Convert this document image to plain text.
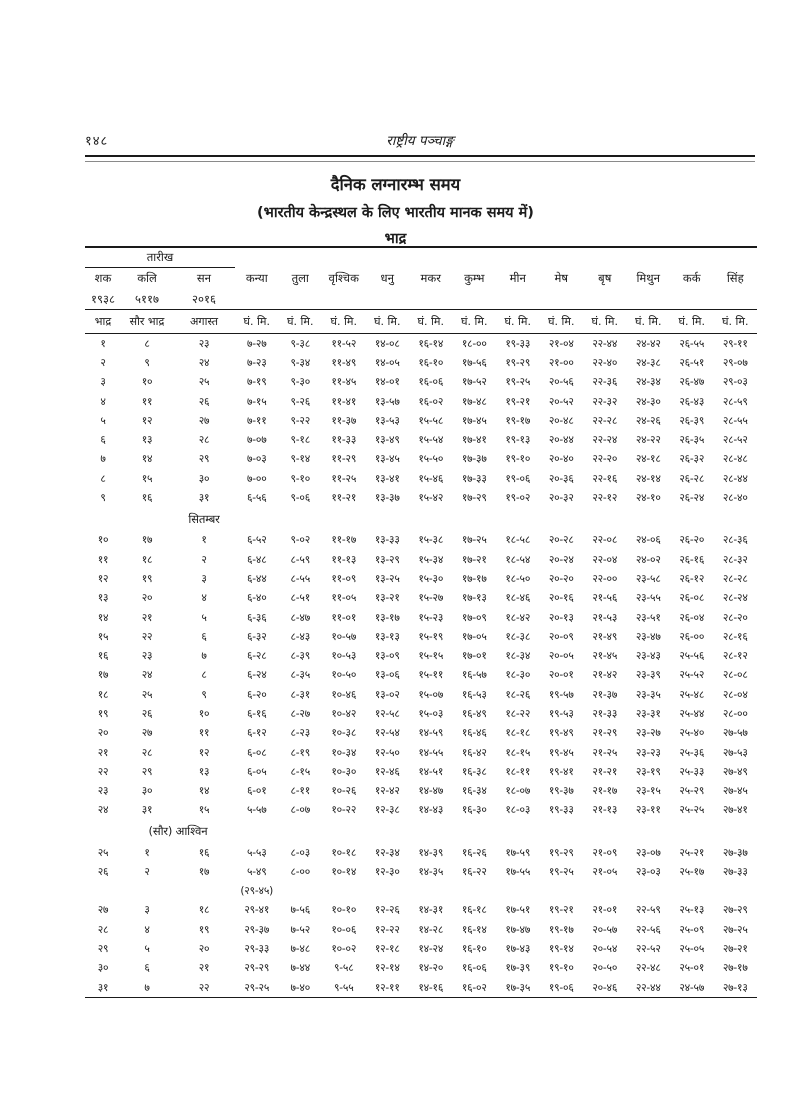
१४८	राष्ट्रीय पञ्चाङ्ग
दैनिक लग्नारम्भ समय
(भारतीय केन्द्रस्थल के लिए भारतीय मानक समय में)
भाद्र
तारीख														
शक	कलि	सन	कन्या	तुला	वृश्चिक	धनु	मकर	कुम्भ	मीन	मेष	बृष	मिथुन	कर्क	सिंह
१९३८	५११७	२०१६												
भाद्र	सौर भाद्र	अगास्त	घं. मि.	घं. मि.	घं. मि.	घं. मि.	घं. मि.	घं. मि.	घं. मि.	घं. मि.	घं. मि.	घं. मि.	घं. मि.	घं. मि.
१	८	२३	७-२७	९-३८	११-५२	१४-०८	१६-१४	१८-००	१९-३३	२१-०४	२२-४४	२४-४२	२६-५५	२९-११
२	९	२४	७-२३	९-३४	११-४९	१४-०५	१६-१०	१७-५६	१९-२९	२१-००	२२-४०	२४-३८	२६-५१	२९-०७
३	१०	२५	७-१९	९-३०	११-४५	१४-०१	१६-०६	१७-५२	१९-२५	२०-५६	२२-३६	२४-३४	२६-४७	२९-०३
४	११	२६	७-१५	९-२६	११-४१	१३-५७	१६-०२	१७-४८	१९-२१	२०-५२	२२-३२	२४-३०	२६-४३	२८-५९
५	१२	२७	७-११	९-२२	११-३७	१३-५३	१५-५८	१७-४५	१९-१७	२०-४८	२२-२८	२४-२६	२६-३९	२८-५५
६	१३	२८	७-०७	९-१८	११-३३	१३-४९	१५-५४	१७-४१	१९-१३	२०-४४	२२-२४	२४-२२	२६-३५	२८-५२
७	१४	२९	७-०३	९-१४	११-२९	१३-४५	१५-५०	१७-३७	१९-१०	२०-४०	२२-२०	२४-१८	२६-३२	२८-४८
८	१५	३०	७-००	९-१०	११-२५	१३-४१	१५-४६	१७-३३	१९-०६	२०-३६	२२-१६	२४-१४	२६-२८	२८-४४
९	१६	३१	६-५६	९-०६	११-२१	१३-३७	१५-४२	१७-२९	१९-०२	२०-३२	२२-१२	२४-१०	२६-२४	२८-४०
		सितम्बर												
१०	१७	१	६-५२	९-०२	११-१७	१३-३३	१५-३८	१७-२५	१८-५८	२०-२८	२२-०८	२४-०६	२६-२०	२८-३६
११	१८	२	६-४८	८-५९	११-१३	१३-२९	१५-३४	१७-२१	१८-५४	२०-२४	२२-०४	२४-०२	२६-१६	२८-३२
१२	१९	३	६-४४	८-५५	११-०९	१३-२५	१५-३०	१७-१७	१८-५०	२०-२०	२२-००	२३-५८	२६-१२	२८-२८
१३	२०	४	६-४०	८-५१	११-०५	१३-२१	१५-२७	१७-१३	१८-४६	२०-१६	२१-५६	२३-५५	२६-०८	२८-२४
१४	२१	५	६-३६	८-४७	११-०१	१३-१७	१५-२३	१७-०९	१८-४२	२०-१३	२१-५३	२३-५१	२६-०४	२८-२०
१५	२२	६	६-३२	८-४३	१०-५७	१३-१३	१५-१९	१७-०५	१८-३८	२०-०९	२१-४९	२३-४७	२६-००	२८-१६
१६	२३	७	६-२८	८-३९	१०-५३	१३-०९	१५-१५	१७-०१	१८-३४	२०-०५	२१-४५	२३-४३	२५-५६	२८-१२
१७	२४	८	६-२४	८-३५	१०-५०	१३-०६	१५-११	१६-५७	१८-३०	२०-०१	२१-४२	२३-३९	२५-५२	२८-०८
१८	२५	९	६-२०	८-३१	१०-४६	१३-०२	१५-०७	१६-५३	१८-२६	१९-५७	२१-३७	२३-३५	२५-४८	२८-०४
१९	२६	१०	६-१६	८-२७	१०-४२	१२-५८	१५-०३	१६-४९	१८-२२	१९-५३	२१-३३	२३-३१	२५-४४	२८-००
२०	२७	११	६-१२	८-२३	१०-३८	१२-५४	१४-५९	१६-४६	१८-१८	१९-४९	२१-२९	२३-२७	२५-४०	२७-५७
२१	२८	१२	६-०८	८-१९	१०-३४	१२-५०	१४-५५	१६-४२	१८-१५	१९-४५	२१-२५	२३-२३	२५-३६	२७-५३
२२	२९	१३	६-०५	८-१५	१०-३०	१२-४६	१४-५१	१६-३८	१८-११	१९-४१	२१-२१	२३-१९	२५-३३	२७-४९
२३	३०	१४	६-०१	८-११	१०-२६	१२-४२	१४-४७	१६-३४	१८-०७	१९-३७	२१-१७	२३-१५	२५-२९	२७-४५
२४	३१	१५	५-५७	८-०७	१०-२२	१२-३८	१४-४३	१६-३०	१८-०३	१९-३३	२१-१३	२३-११	२५-२५	२७-४१
	(सौर) आश्विन													
२५	१	१६	५-५३	८-०३	१०-१८	१२-३४	१४-३९	१६-२६	१७-५९	१९-२९	२१-०९	२३-०७	२५-२१	२७-३७
२६	२	१७	५-४९	८-००	१०-१४	१२-३०	१४-३५	१६-२२	१७-५५	१९-२५	२१-०५	२३-०३	२५-१७	२७-३३
			(२९-४५)											
२७	३	१८	२९-४१	७-५६	१०-१०	१२-२६	१४-३१	१६-१८	१७-५१	१९-२१	२१-०१	२२-५९	२५-१३	२७-२९
२८	४	१९	२९-३७	७-५२	१०-०६	१२-२२	१४-२८	१६-१४	१७-४७	१९-१७	२०-५७	२२-५६	२५-०९	२७-२५
२९	५	२०	२९-३३	७-४८	१०-०२	१२-१८	१४-२४	१६-१०	१७-४३	१९-१४	२०-५४	२२-५२	२५-०५	२७-२१
३०	६	२१	२९-२९	७-४४	९-५८	१२-१४	१४-२०	१६-०६	१७-३९	१९-१०	२०-५०	२२-४८	२५-०१	२७-१७
३१	७	२२	२९-२५	७-४०	९-५५	१२-११	१४-१६	१६-०२	१७-३५	१९-०६	२०-४६	२२-४४	२४-५७	२७-१३
